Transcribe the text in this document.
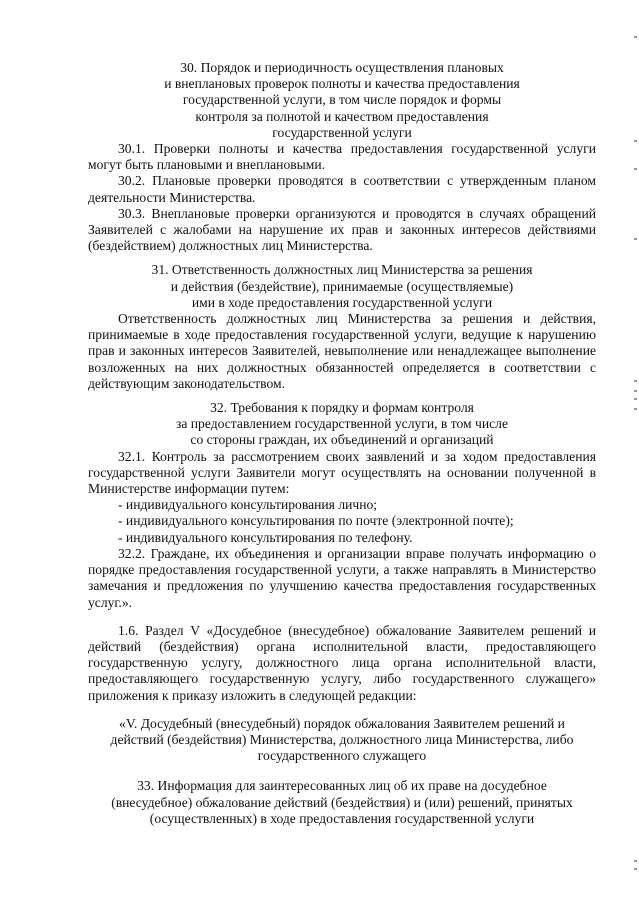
30. Порядок и периодичность осуществления плановых
и внеплановых проверок полноты и качества предоставления
государственной услуги, в том числе порядок и формы
контроля за полнотой и качеством предоставления
государственной услуги

30.1. Проверки полноты и качества предоставления государственной услуги могут быть плановыми и внеплановыми.

30.2. Плановые проверки проводятся в соответствии с утвержденным планом деятельности Министерства.

30.3. Внеплановые проверки организуются и проводятся в случаях обращений Заявителей с жалобами на нарушение их прав и законных интересов действиями (бездействием) должностных лиц Министерства.

31. Ответственность должностных лиц Министерства за решения
и действия (бездействие), принимаемые (осуществляемые)
ими в ходе предоставления государственной услуги

Ответственность должностных лиц Министерства за решения и действия, принимаемые в ходе предоставления государственной услуги, ведущие к нарушению прав и законных интересов Заявителей, невыполнение или ненадлежащее выполнение возложенных на них должностных обязанностей определяется в соответствии с действующим законодательством.

32. Требования к порядку и формам контроля
за предоставлением государственной услуги, в том числе
со стороны граждан, их объединений и организаций

32.1. Контроль за рассмотрением своих заявлений и за ходом предоставления государственной услуги Заявители могут осуществлять на основании полученной в Министерстве информации путем:

- индивидуального консультирования лично;

- индивидуального консультирования по почте (электронной почте);

- индивидуального консультирования по телефону.

32.2. Граждане, их объединения и организации вправе получать информацию о порядке предоставления государственной услуги, а также направлять в Министерство замечания и предложения по улучшению качества предоставления государственных услуг.».

1.6. Раздел V «Досудебное (внесудебное) обжалование Заявителем решений и действий (бездействия) органа исполнительной власти, предоставляющего государственную услугу, должностного лица органа исполнительной власти, предоставляющего государственную услугу, либо государственного служащего» приложения к приказу изложить в следующей редакции:

«V. Досудебный (внесудебный) порядок обжалования Заявителем решений и
действий (бездействия) Министерства, должностного лица Министерства, либо
государственного служащего
33. Информация для заинтересованных лиц об их праве на досудебное
(внесудебное) обжалование действий (бездействия) и (или) решений, принятых
(осуществленных) в ходе предоставления государственной услуги
